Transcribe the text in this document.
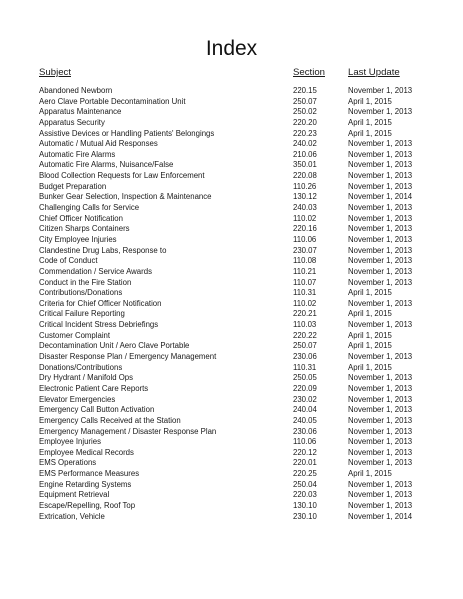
Index
Subject	Section Last Update
Abandoned Newborn	220.15	November 1, 2013
Aero Clave Portable Decontamination Unit	250.07	April 1, 2015
Apparatus Maintenance	250.02	November 1, 2013
Apparatus Security	220.20	April 1, 2015
Assistive Devices or Handling Patients' Belongings	220.23	April 1, 2015
Automatic / Mutual Aid Responses	240.02	November 1, 2013
Automatic Fire Alarms	210.06	November 1, 2013
Automatic Fire Alarms, Nuisance/False	350.01	November 1, 2013
Blood Collection Requests for Law Enforcement	220.08	November 1, 2013
Budget Preparation	110.26	November 1, 2013
Bunker Gear Selection, Inspection & Maintenance	130.12	November 1, 2014
Challenging Calls for Service	240.03	November 1, 2013
Chief Officer Notification	110.02	November 1, 2013
Citizen Sharps Containers	220.16	November 1, 2013
City Employee Injuries	110.06	November 1, 2013
Clandestine Drug Labs, Response to	230.07	November 1, 2013
Code of Conduct	110.08	November 1, 2013
Commendation / Service Awards	110.21	November 1, 2013
Conduct in the Fire Station	110.07	November 1, 2013
Contributions/Donations	110.31	April 1, 2015
Criteria for Chief Officer Notification	110.02	November 1, 2013
Critical Failure Reporting	220.21	April 1, 2015
Critical Incident Stress Debriefings	110.03	November 1, 2013
Customer Complaint	220.22	April 1, 2015
Decontamination Unit / Aero Clave Portable	250.07	April 1, 2015
Disaster Response Plan / Emergency Management	230.06	November 1, 2013
Donations/Contributions	110.31	April 1, 2015
Dry Hydrant / Manifold Ops	250.05	November 1, 2013
Electronic Patient Care Reports	220.09	November 1, 2013
Elevator Emergencies	230.02	November 1, 2013
Emergency Call Button Activation	240.04	November 1, 2013
Emergency Calls Received at the Station	240.05	November 1, 2013
Emergency Management / Disaster Response Plan	230.06	November 1, 2013
Employee Injuries	110.06	November 1, 2013
Employee Medical Records	220.12	November 1, 2013
EMS Operations	220.01	November 1, 2013
EMS Performance Measures	220.25	April 1, 2015
Engine Retarding Systems	250.04	November 1, 2013
Equipment Retrieval	220.03	November 1, 2013
Escape/Repelling, Roof Top	130.10	November 1, 2013
Extrication, Vehicle	230.10	November 1, 2014
